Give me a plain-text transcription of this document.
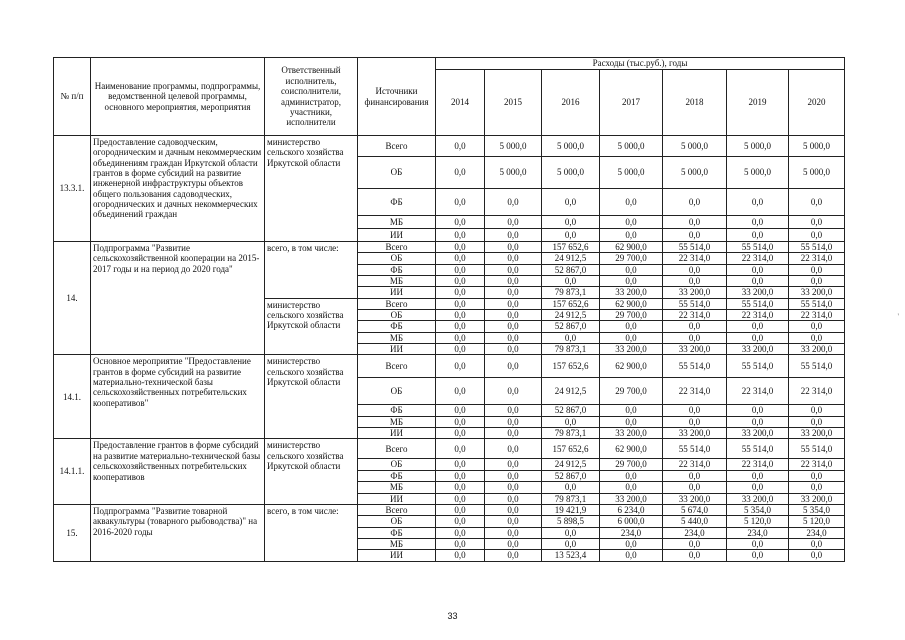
№ п/п	Наименование программы, подпрограммы, ведомственной целевой программы, основного мероприятия, мероприятия	Ответственный исполнитель, соисполнители, администратор, участники, исполнители	Источники финансирования	Расходы (тыс.руб.), годы						
				2014	2015	2016	2017	2018	2019	2020
13.3.1.	Предоставление садоводческим, огородническим и дачным некоммерческим объединениям граждан Иркутской области грантов в форме субсидий на развитие инженерной инфраструктуры объектов общего пользования садоводческих, огороднических и дачных некоммерческих объединений граждан	министерство сельского хозяйства Иркутской области	Всего	0,0	5 000,0	5 000,0	5 000,0	5 000,0	5 000,0	5 000,0
			ОБ	0,0	5 000,0	5 000,0	5 000,0	5 000,0	5 000,0	5 000,0
			ФБ	0,0	0,0	0,0	0,0	0,0	0,0	0,0
			МБ	0,0	0,0	0,0	0,0	0,0	0,0	0,0
			ИИ	0,0	0,0	0,0	0,0	0,0	0,0	0,0
14.	Подпрограмма "Развитие сельскохозяйственной кооперации на 2015-2017 годы и на период до 2020 года"	всего, в том числе:	Всего	0,0	0,0	157 652,6	62 900,0	55 514,0	55 514,0	55 514,0
			ОБ	0,0	0,0	24 912,5	29 700,0	22 314,0	22 314,0	22 314,0
			ФБ	0,0	0,0	52 867,0	0,0	0,0	0,0	0,0
			МБ	0,0	0,0	0,0	0,0	0,0	0,0	0,0
			ИИ	0,0	0,0	79 873,1	33 200,0	33 200,0	33 200,0	33 200,0
		министерство сельского хозяйства Иркутской области	Всего	0,0	0,0	157 652,6	62 900,0	55 514,0	55 514,0	55 514,0
			ОБ	0,0	0,0	24 912,5	29 700,0	22 314,0	22 314,0	22 314,0
			ФБ	0,0	0,0	52 867,0	0,0	0,0	0,0	0,0
			МБ	0,0	0,0	0,0	0,0	0,0	0,0	0,0
			ИИ	0,0	0,0	79 873,1	33 200,0	33 200,0	33 200,0	33 200,0
14.1.	Основное мероприятие "Предоставление грантов в форме субсидий на развитие материально-технической базы сельскохозяйственных потребительских кооперативов"	министерство сельского хозяйства Иркутской области	Всего	0,0	0,0	157 652,6	62 900,0	55 514,0	55 514,0	55 514,0
			ОБ	0,0	0,0	24 912,5	29 700,0	22 314,0	22 314,0	22 314,0
			ФБ	0,0	0,0	52 867,0	0,0	0,0	0,0	0,0
			МБ	0,0	0,0	0,0	0,0	0,0	0,0	0,0
			ИИ	0,0	0,0	79 873,1	33 200,0	33 200,0	33 200,0	33 200,0
14.1.1.	Предоставление грантов в форме субсидий на развитие материально-технической базы сельскохозяйственных потребительских кооперативов	министерство сельского хозяйства Иркутской области	Всего	0,0	0,0	157 652,6	62 900,0	55 514,0	55 514,0	55 514,0
			ОБ	0,0	0,0	24 912,5	29 700,0	22 314,0	22 314,0	22 314,0
			ФБ	0,0	0,0	52 867,0	0,0	0,0	0,0	0,0
			МБ	0,0	0,0	0,0	0,0	0,0	0,0	0,0
			ИИ	0,0	0,0	79 873,1	33 200,0	33 200,0	33 200,0	33 200,0
15.	Подпрограмма "Развитие товарной аквакультуры (товарного рыбоводства)" на 2016-2020 годы	всего, в том числе:	Всего	0,0	0,0	19 421,9	6 234,0	5 674,0	5 354,0	5 354,0
			ОБ	0,0	0,0	5 898,5	6 000,0	5 440,0	5 120,0	5 120,0
			ФБ	0,0	0,0	0,0	234,0	234,0	234,0	234,0
			МБ	0,0	0,0	0,0	0,0	0,0	0,0	0,0
			ИИ	0,0	0,0	13 523,4	0,0	0,0	0,0	0,0
33
'
